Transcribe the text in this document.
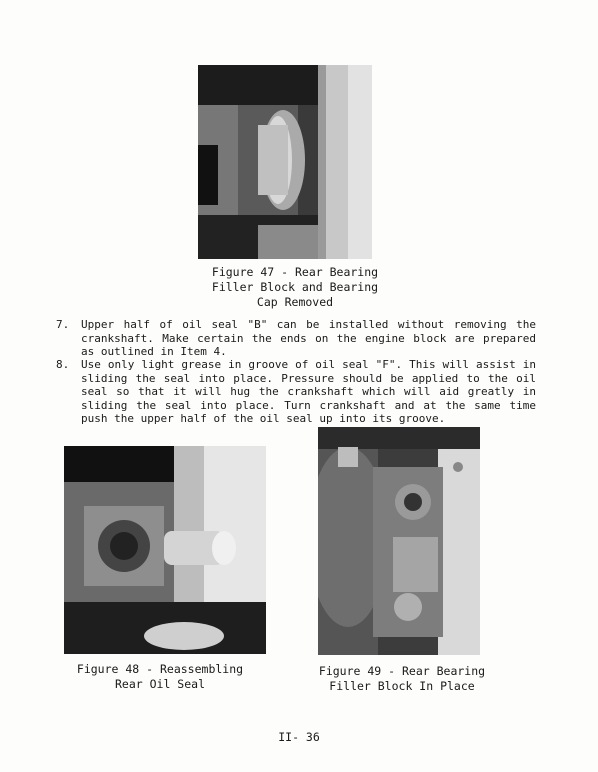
Figure 47 - Rear Bearing
Filler Block and Bearing
Cap Removed
7. Upper half of oil seal "B" can be installed without removing the crankshaft. Make certain the ends on the engine block are prepared as outlined in Item 4.
8. Use only light grease in groove of oil seal "F". This will assist in sliding the seal into place. Pressure should be applied to the oil seal so that it will hug the crankshaft which will aid greatly in sliding the seal into place. Turn crankshaft and at the same time push the upper half of the oil seal up into its groove.
Figure 48 - Reassembling
Rear Oil Seal
Figure 49 - Rear Bearing
Filler Block In Place
II- 36
